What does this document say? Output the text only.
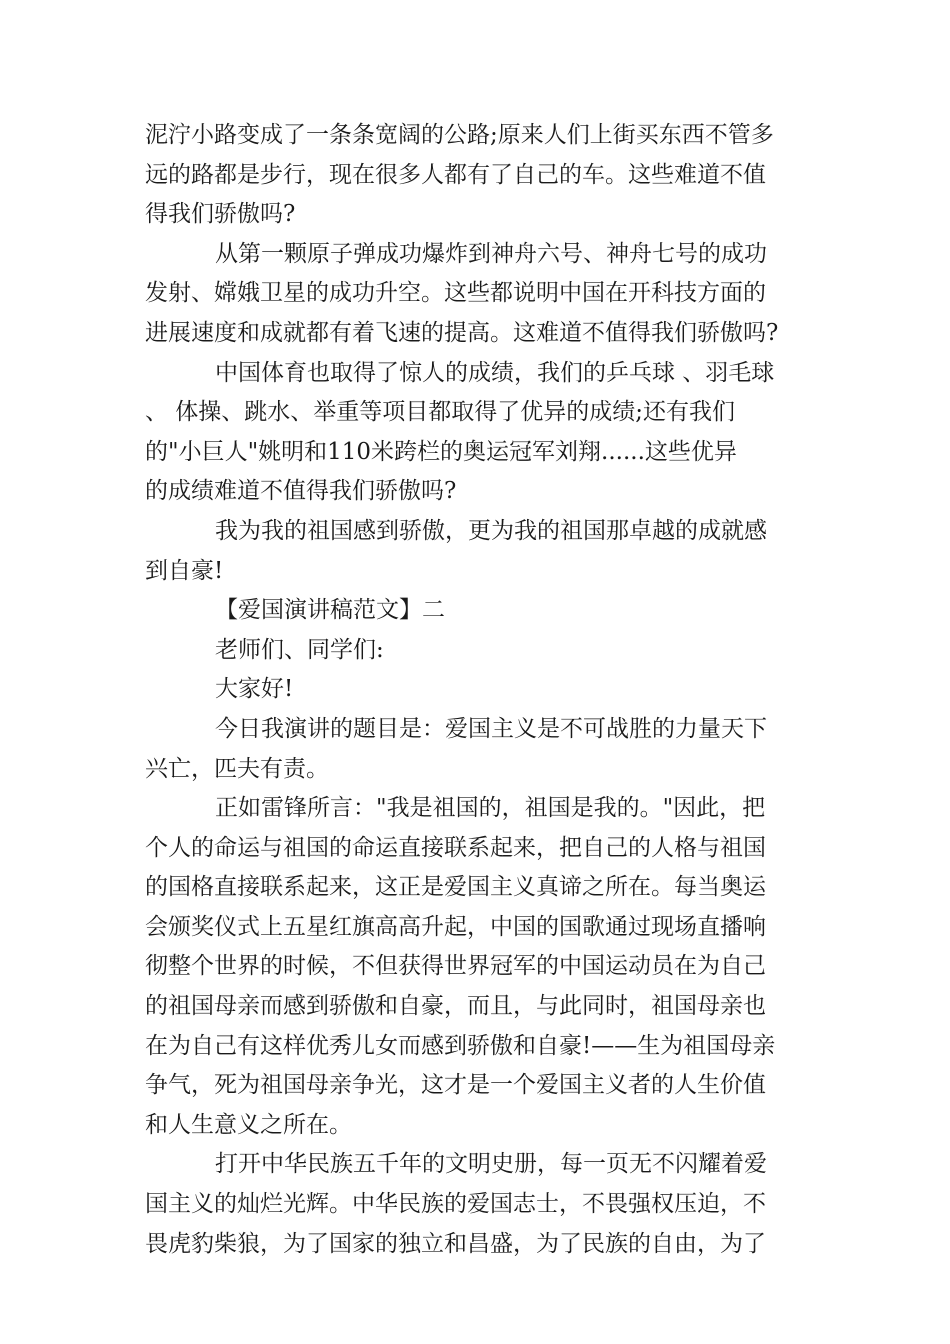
泥泞小路变成了一条条宽阔的公路;原来人们上街买东西不管多
远的路都是步行，现在很多人都有了自己的车。这些难道不值
得我们骄傲吗?
从第一颗原子弹成功爆炸到神舟六号、神舟七号的成功
发射、嫦娥卫星的成功升空。这些都说明中国在开科技方面的
进展速度和成就都有着飞速的提高。这难道不值得我们骄傲吗?
中国体育也取得了惊人的成绩，我们的乒乓球 、羽毛球
、 体操、跳水、举重等项目都取得了优异的成绩;还有我们
的"小巨人"姚明和110米跨栏的奥运冠军刘翔......这些优异
的成绩难道不值得我们骄傲吗?
我为我的祖国感到骄傲，更为我的祖国那卓越的成就感
到自豪!
【爱国演讲稿范文】二
老师们、同学们:
大家好!
今日我演讲的题目是：爱国主义是不可战胜的力量天下
兴亡，匹夫有责。
正如雷锋所言："我是祖国的，祖国是我的。"因此，把
个人的命运与祖国的命运直接联系起来，把自己的人格与祖国
的国格直接联系起来，这正是爱国主义真谛之所在。每当奥运
会颁奖仪式上五星红旗高高升起，中国的国歌通过现场直播响
彻整个世界的时候，不但获得世界冠军的中国运动员在为自己
的祖国母亲而感到骄傲和自豪，而且，与此同时，祖国母亲也
在为自己有这样优秀儿女而感到骄傲和自豪!——生为祖国母亲
争气，死为祖国母亲争光，这才是一个爱国主义者的人生价值
和人生意义之所在。
打开中华民族五千年的文明史册，每一页无不闪耀着爱
国主义的灿烂光辉。中华民族的爱国志士，不畏强权压迫，不
畏虎豹柴狼，为了国家的独立和昌盛，为了民族的自由，为了
